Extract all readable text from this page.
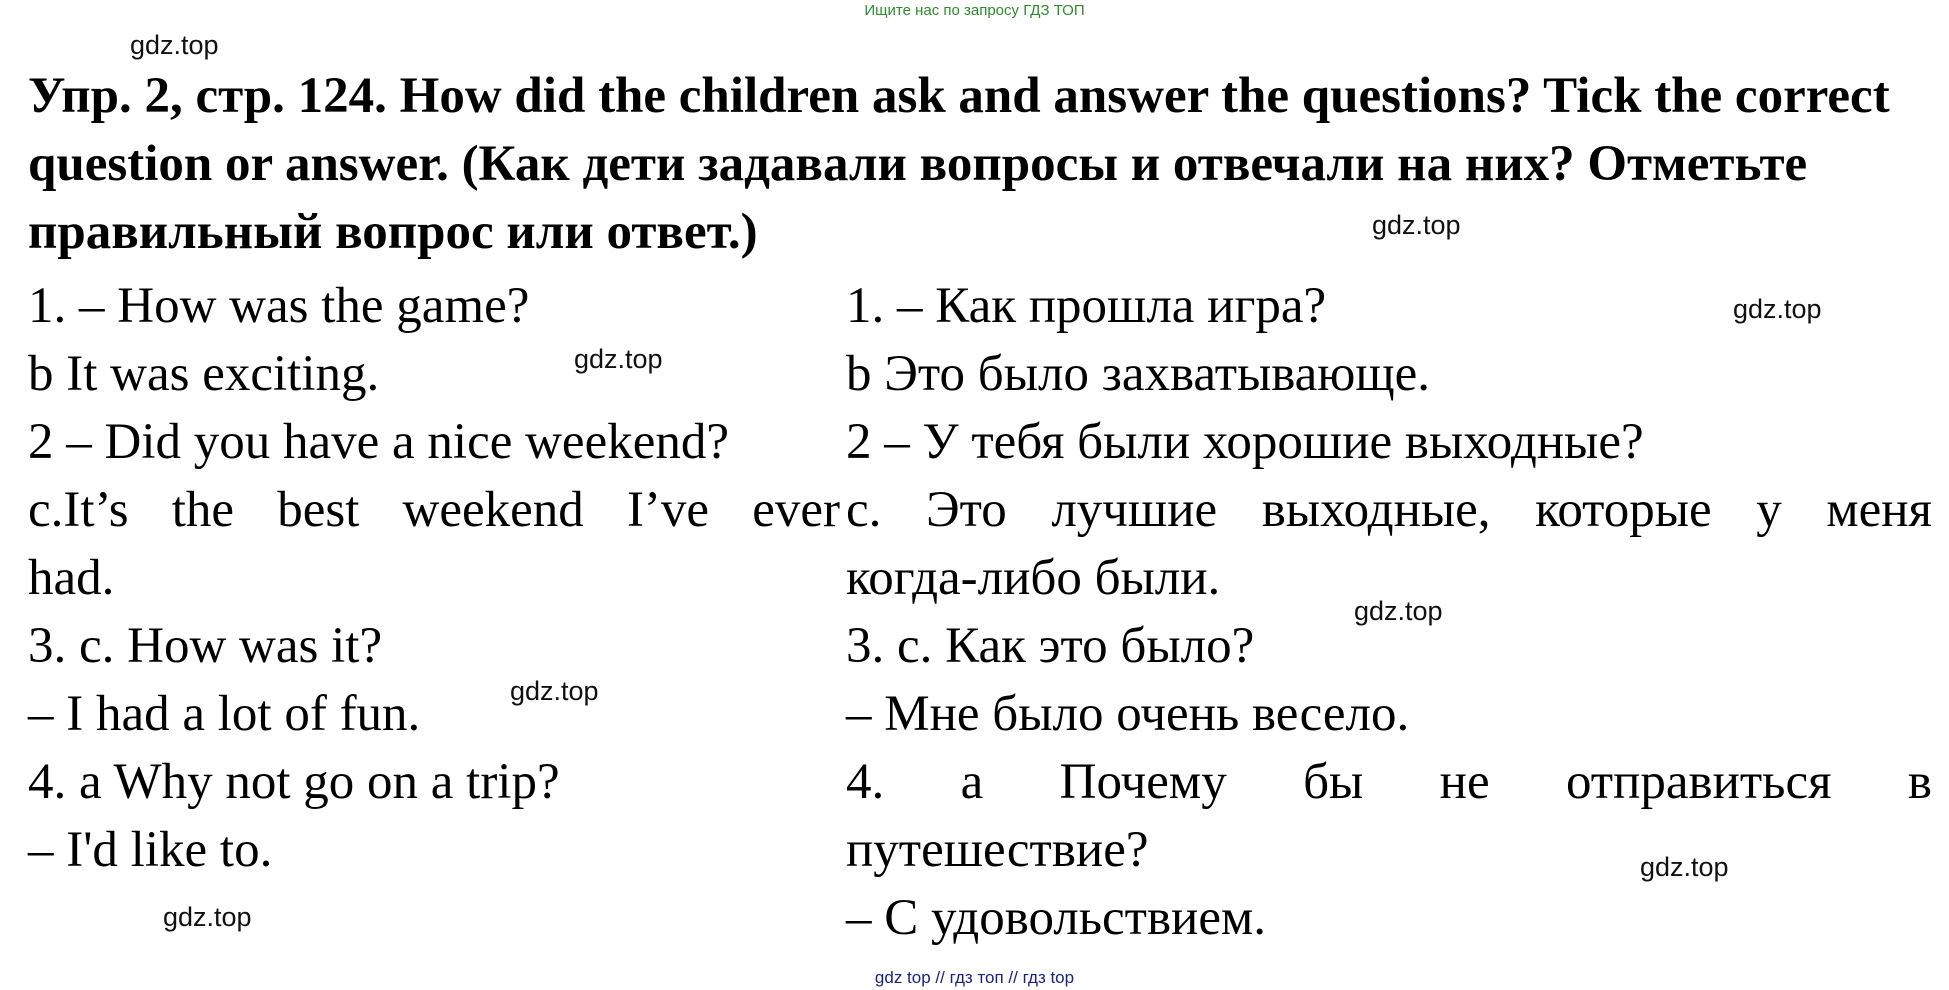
Ищите нас по запросу ГДЗ ТОП
gdz.top
Упр. 2, стр. 124. How did the children ask and answer the questions? Tick the correct question or answer. (Как дети задавали вопросы и отвечали на них? Отметьте правильный вопрос или ответ.)	gdz.top
1. – How was the game?
b It was exciting.
2 – Did you have a nice weekend?
c.It’s the best weekend I’ve ever
had.
3. c. How was it?
– I had a lot of fun.
4. a Why not go on a trip?
– I'd like to.
1. – Как прошла игра?
b Это было захватывающе.
2 – У тебя были хорошие выходные?
c. Это лучшие выходные, которые у меня
когда-либо были.
3. c. Как это было?
– Мне было очень весело.
4. а Почему бы не отправиться в
путешествие?
– С удовольствием.
gdz.top
gdz.top
gdz.top
gdz.top
gdz.top
gdz.top
gdz top // гдз топ // гдз top
